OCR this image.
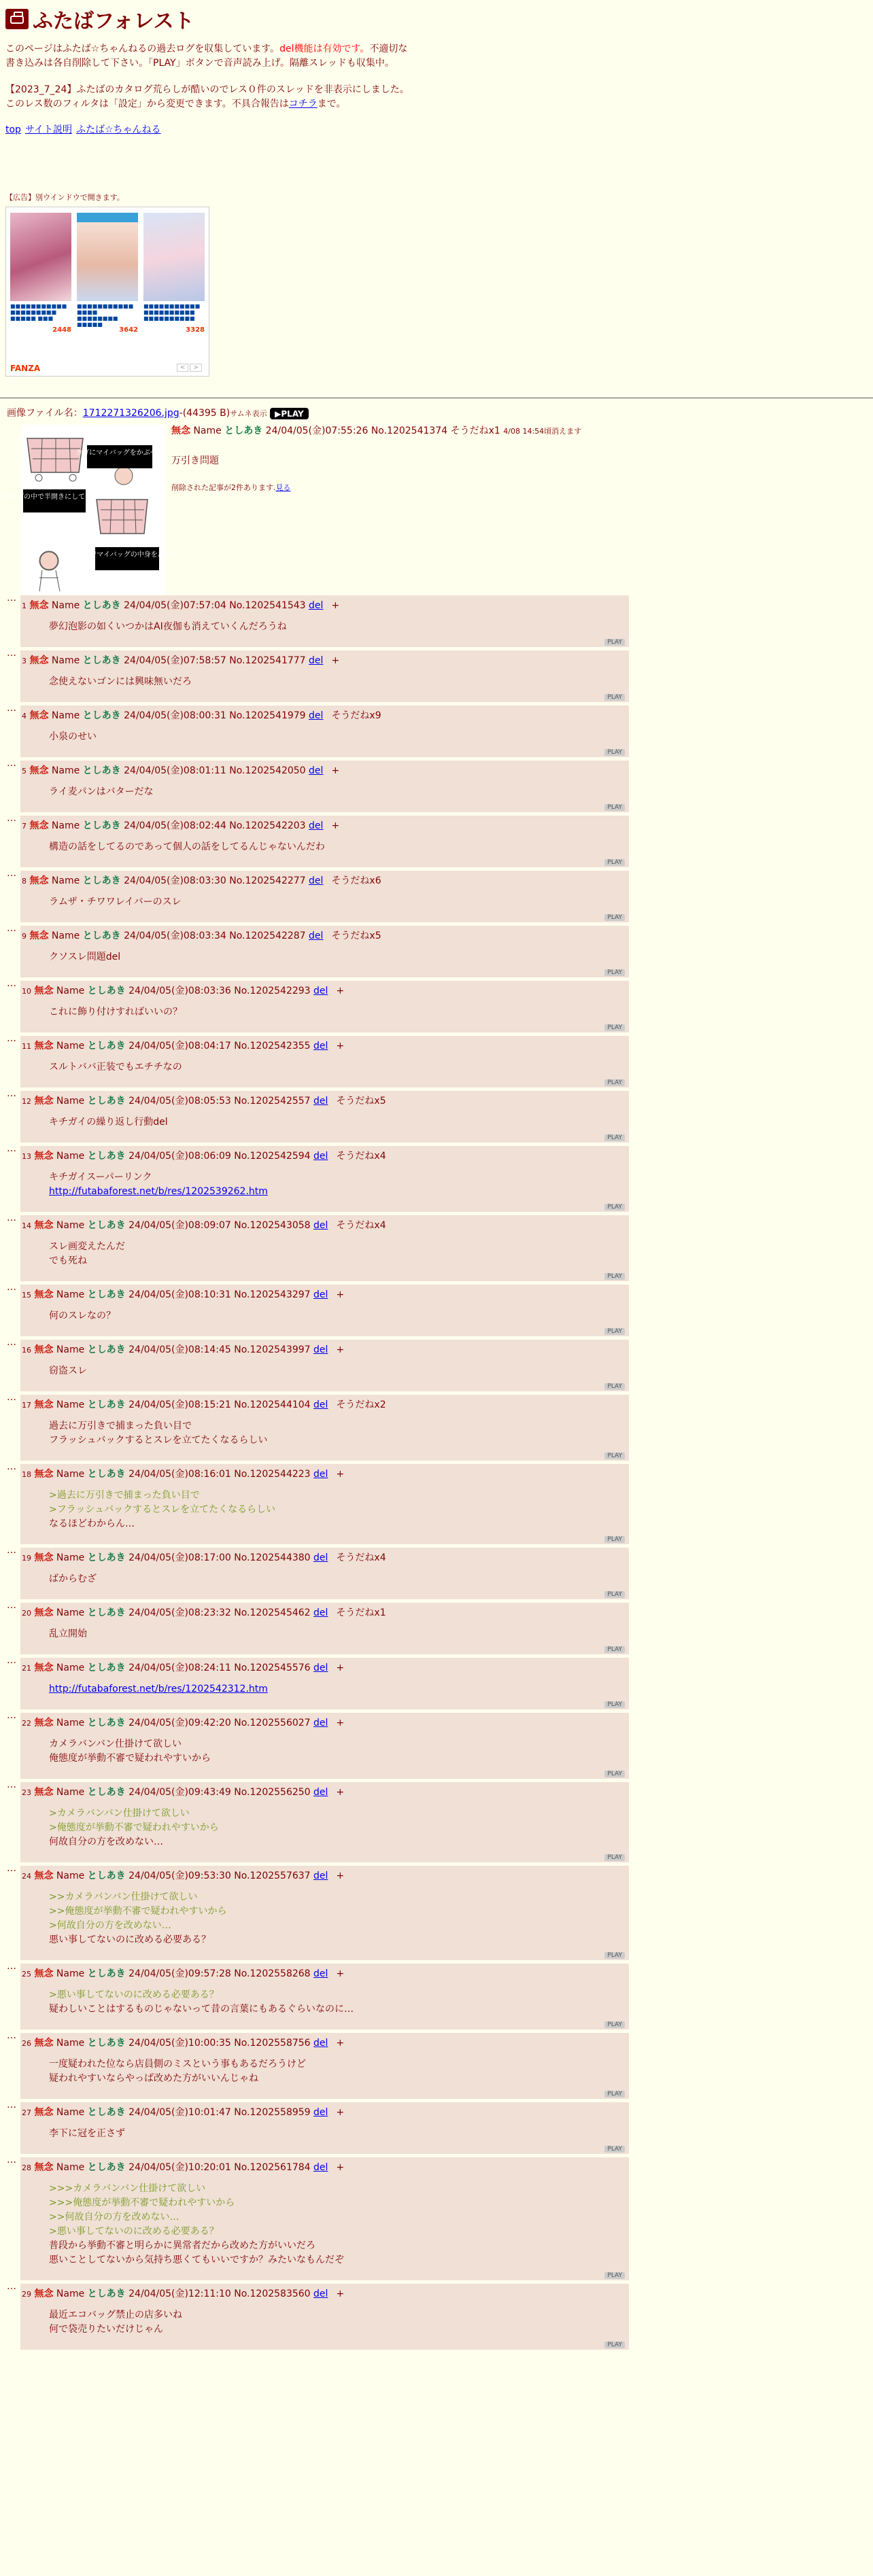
ふたばフォレスト
このページはふたば☆ちゃんねるの過去ログを収集しています。del機能は有効です。不適切な書き込みは各自削除して下さい。「PLAY」ボタンで音声読み上げ。隔離スレッドも収集中。
【2023_7_24】ふたばのカタログ荒らしが酷いのでレス０件のスレッドを非表示にしました。このレス数のフィルタは「設定」から変更できます。不具合報告はコチラまで。
top サイト説明 ふたば☆ちゃんねる
【広告】別ウインドウで開きます。
■■■■■■■■■■■ ■■■■■■■■■ ■■■■■ ■■■
2448
■■■■■■■■■■■ ■■■■ ■■■■■■■■ ■■■■■
3642
■■■■■■■■■■■ ■■■■■■■■■■ ■■■■■■■■■■
3328
FANZA	< >
画像ファイル名：1712271326206.jpg-(44395 B)サムネ表示 ▶PLAY
カゴにマイバッグをかぶせる
カゴの中で半開きにして使う
店内でマイバッグの中身をあさる
無念 Name としあき 24/04/05(金)07:55:26 No.1202541374 そうだねx1 4/08 14:54頃消えます
万引き問題
削除された記事が2件あります.見る
…
1 無念 Name としあき 24/04/05(金)07:57:04 No.1202541543 del +
夢幻泡影の如くいつかはAI夜伽も消えていくんだろうね
PLAY
…
3 無念 Name としあき 24/04/05(金)07:58:57 No.1202541777 del +
念使えないゴンには興味無いだろ
PLAY
…
4 無念 Name としあき 24/04/05(金)08:00:31 No.1202541979 del そうだねx9
小泉のせい
PLAY
…
5 無念 Name としあき 24/04/05(金)08:01:11 No.1202542050 del +
ライ麦パンはバターだな
PLAY
…
7 無念 Name としあき 24/04/05(金)08:02:44 No.1202542203 del +
構造の話をしてるのであって個人の話をしてるんじゃないんだわ
PLAY
…
8 無念 Name としあき 24/04/05(金)08:03:30 No.1202542277 del そうだねx6
ラムザ・チワワレイバーのスレ
PLAY
…
9 無念 Name としあき 24/04/05(金)08:03:34 No.1202542287 del そうだねx5
クソスレ問題del
PLAY
…
10 無念 Name としあき 24/04/05(金)08:03:36 No.1202542293 del +
これに飾り付けすればいいの？
PLAY
…
11 無念 Name としあき 24/04/05(金)08:04:17 No.1202542355 del +
スルトババ正装でもエチチなの
PLAY
…
12 無念 Name としあき 24/04/05(金)08:05:53 No.1202542557 del そうだねx5
キチガイの繰り返し行動del
PLAY
…
13 無念 Name としあき 24/04/05(金)08:06:09 No.1202542594 del そうだねx4
キチガイスーパーリンク
http://futabaforest.net/b/res/1202539262.htm
PLAY
…
14 無念 Name としあき 24/04/05(金)08:09:07 No.1202543058 del そうだねx4
スレ画変えたんだ
でも死ね
PLAY
…
15 無念 Name としあき 24/04/05(金)08:10:31 No.1202543297 del +
何のスレなの？
PLAY
…
16 無念 Name としあき 24/04/05(金)08:14:45 No.1202543997 del +
窃盗スレ
PLAY
…
17 無念 Name としあき 24/04/05(金)08:15:21 No.1202544104 del そうだねx2
過去に万引きで捕まった負い目で
フラッシュバックするとスレを立てたくなるらしい
PLAY
…
18 無念 Name としあき 24/04/05(金)08:16:01 No.1202544223 del +
>過去に万引きで捕まった負い目で
>フラッシュバックするとスレを立てたくなるらしい
なるほどわからん…
PLAY
…
19 無念 Name としあき 24/04/05(金)08:17:00 No.1202544380 del そうだねx4
ばからむざ
PLAY
…
20 無念 Name としあき 24/04/05(金)08:23:32 No.1202545462 del そうだねx1
乱立開始
PLAY
…
21 無念 Name としあき 24/04/05(金)08:24:11 No.1202545576 del +
http://futabaforest.net/b/res/1202542312.htm
PLAY
…
22 無念 Name としあき 24/04/05(金)09:42:20 No.1202556027 del +
カメラバンバン仕掛けて欲しい
俺態度が挙動不審で疑われやすいから
PLAY
…
23 無念 Name としあき 24/04/05(金)09:43:49 No.1202556250 del +
>カメラバンバン仕掛けて欲しい
>俺態度が挙動不審で疑われやすいから
何故自分の方を改めない…
PLAY
…
24 無念 Name としあき 24/04/05(金)09:53:30 No.1202557637 del +
>>カメラバンバン仕掛けて欲しい
>>俺態度が挙動不審で疑われやすいから
>何故自分の方を改めない…
悪い事してないのに改める必要ある？
PLAY
…
25 無念 Name としあき 24/04/05(金)09:57:28 No.1202558268 del +
>悪い事してないのに改める必要ある？
疑わしいことはするものじゃないって昔の言葉にもあるぐらいなのに…
PLAY
…
26 無念 Name としあき 24/04/05(金)10:00:35 No.1202558756 del +
一度疑われた位なら店員側のミスという事もあるだろうけど
疑われやすいならやっぱ改めた方がいいんじゃね
PLAY
…
27 無念 Name としあき 24/04/05(金)10:01:47 No.1202558959 del +
李下に冠を正さず
PLAY
…
28 無念 Name としあき 24/04/05(金)10:20:01 No.1202561784 del +
>>>カメラバンバン仕掛けて欲しい
>>>俺態度が挙動不審で疑われやすいから
>>何故自分の方を改めない…
>悪い事してないのに改める必要ある？
普段から挙動不審と明らかに異常者だから改めた方がいいだろ
悪いことしてないから気持ち悪くてもいいですか？みたいなもんだぞ
PLAY
…
29 無念 Name としあき 24/04/05(金)12:11:10 No.1202583560 del +
最近エコバッグ禁止の店多いね
何で袋売りたいだけじゃん
PLAY
